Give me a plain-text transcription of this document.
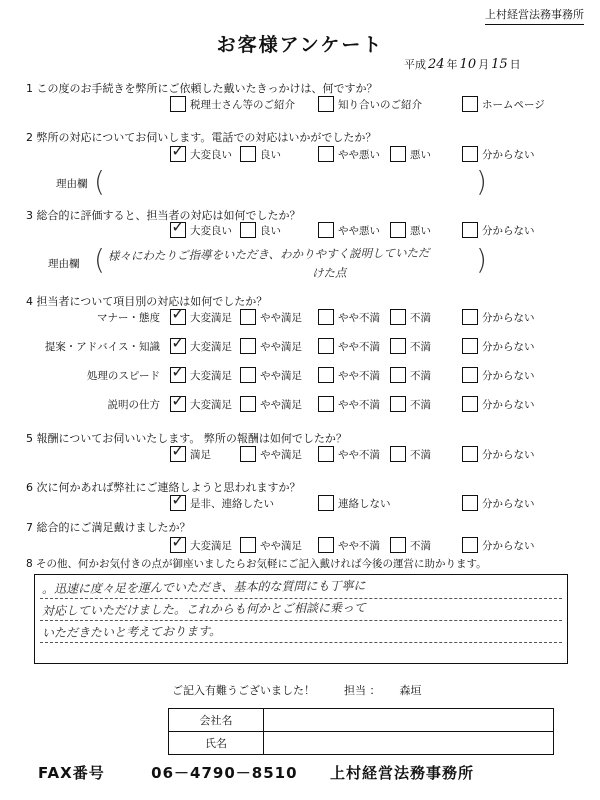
上村経営法務事務所
お客様アンケート
平成 24 年 10 月 15 日
1 この度のお手続きを弊所にご依頼した戴いたきっかけは、何ですか？
税理士さん等のご紹介	知り合いのご紹介	ホームページ
2 弊所の対応についてお伺いします。電話での対応はいかがでしたか？
✓ 大変良い	良い	やや悪い	悪い	分からない
理由欄 (	)
3 総合的に評価すると、担当者の対応は如何でしたか？
✓ 大変良い	良い	やや悪い	悪い	分からない
理由欄 (	)
様々にわたりご指導をいただき、わかりやすく説明していただ
けた点
4 担当者について項目別の対応は如何でしたか？
マナー・態度 ✓ 大変満足	やや満足	やや不満	不満	分からない
提案・アドバイス・知識 ✓ 大変満足	やや満足	やや不満	不満	分からない
処理のスピード ✓ 大変満足	やや満足	やや不満	不満	分からない
説明の仕方 ✓ 大変満足	やや満足	やや不満	不満	分からない
5 報酬についてお伺いいたします。 弊所の報酬は如何でしたか？
✓ 満足	やや満足	やや不満	不満	分からない
6 次に何かあれば弊社にご連絡しようと思われますか？
✓ 是非、連絡したい	連絡しない	分からない
7 総合的にご満足戴けましたか？
✓ 大変満足	やや満足	やや不満	不満	分からない
8 その他、何かお気付きの点が御座いましたらお気軽にご記入戴ければ今後の運営に助かります。
。迅速に度々足を運んでいただき、基本的な質問にも丁寧に
対応していただけました。これからも何かとご相談に乗って
いただきたいと考えております。
ご記入有難うございました！	担当 ： 森垣
会社名	
氏名	
FAX番号	06－4790－8510 上村経営法務事務所
